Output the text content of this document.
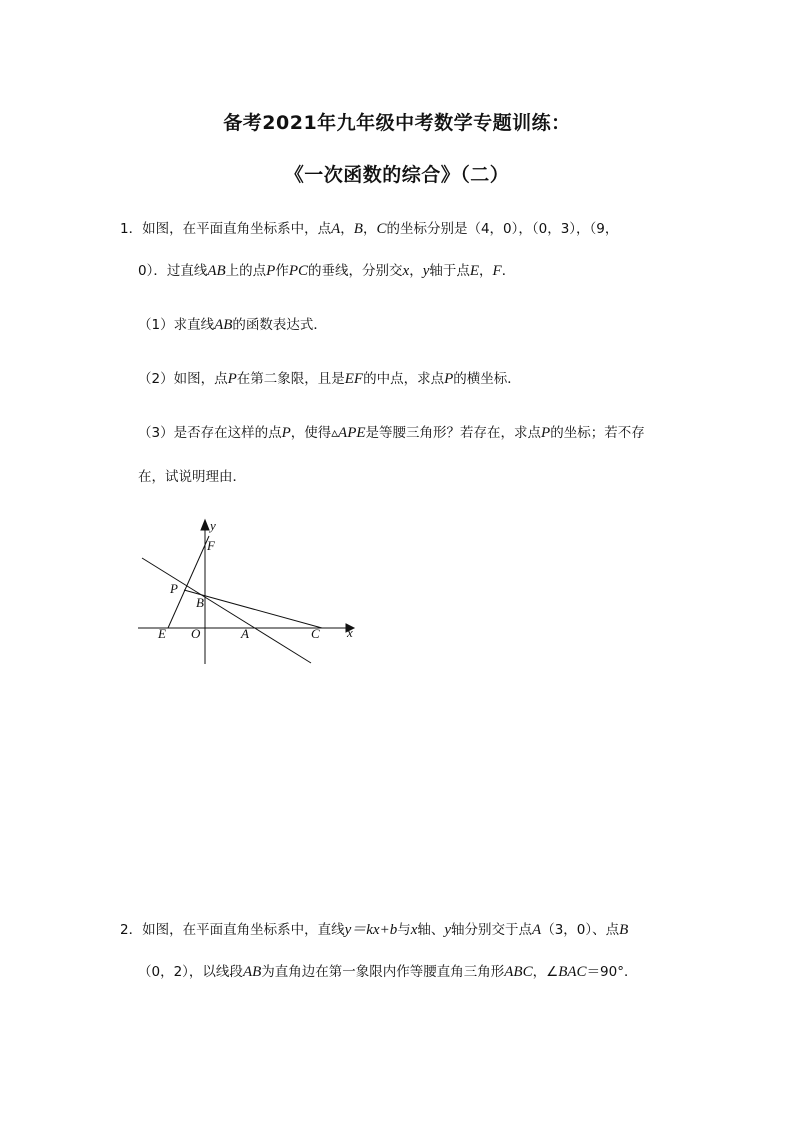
备考2021年九年级中考数学专题训练：
《一次函数的综合》（二）
1．如图，在平面直角坐标系中，点A，B，C的坐标分别是（4，0），（0，3），（9，
0）．过直线AB上的点P作PC的垂线，分别交x，y轴于点E，F．
（1）求直线AB的函数表达式．
（2）如图，点P在第二象限，且是EF的中点，求点P的横坐标．
（3）是否存在这样的点P，使得▵APE是等腰三角形？若存在，求点P的坐标；若不存
在，试说明理由．
y
x
F
P
B
E O	A	C
2．如图，在平面直角坐标系中，直线y＝kx+b与x轴、y轴分别交于点A（3，0）、点B
（0，2），以线段AB为直角边在第一象限内作等腰直角三角形ABC，∠BAC＝90°．
